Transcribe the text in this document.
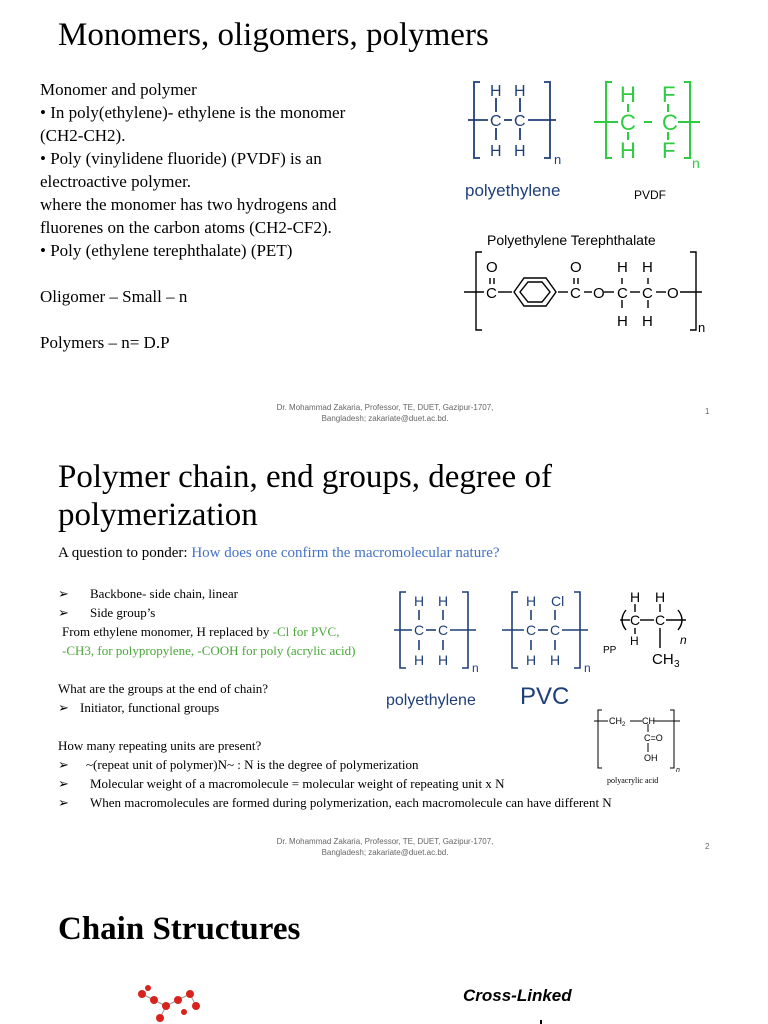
Monomers, oligomers, polymers
Monomer and polymer
• In poly(ethylene)- ethylene is the monomer
(CH2-CH2).
• Poly (vinylidene fluoride) (PVDF) is an
electroactive polymer.
where the monomer has two hydrogens and
fluorenes on the carbon atoms (CH2-CF2).
• Poly (ethylene terephthalate) (PET)
Oligomer – Small – n
Polymers – n= D.P
H H
C C
H H n
polyethylene
H F
C C
H F n
PVDF
Polyethylene Terephthalate
O
C
O
C O
H H
C C
H H
O
n
Dr. Mohammad Zakaria, Professor, TE, DUET, Gazipur-1707,
Bangladesh; zakariate@duet.ac.bd.
1
Polymer chain, end groups, degree of
polymerization
A question to ponder: How does one confirm the macromolecular nature?
➢ Backbone- side chain, linear
➢ Side group’s
From ethylene monomer, H replaced by -Cl for PVC,
-CH3, for polypropylene, -COOH for poly (acrylic acid)
What are the groups at the end of chain?
➢ Initiator, functional groups
How many repeating units are present?
➢ ~(repeat unit of polymer)N~ : N is the degree of polymerization
➢ Molecular weight of a macromolecule = molecular weight of repeating unit x N
➢ When macromolecules are formed during polymerization, each macromolecule can have different N
H H
C C
H H n
polyethylene
H Cl
C C
H H n
PVC
H H
C C
H
CH 3
n
PP
CH 2 CH
C=O
OH
n
polyacrylic acid
Dr. Mohammad Zakaria, Professor, TE, DUET, Gazipur-1707,
Bangladesh; zakariate@duet.ac.bd.
2
Chain Structures
Cross-Linked
